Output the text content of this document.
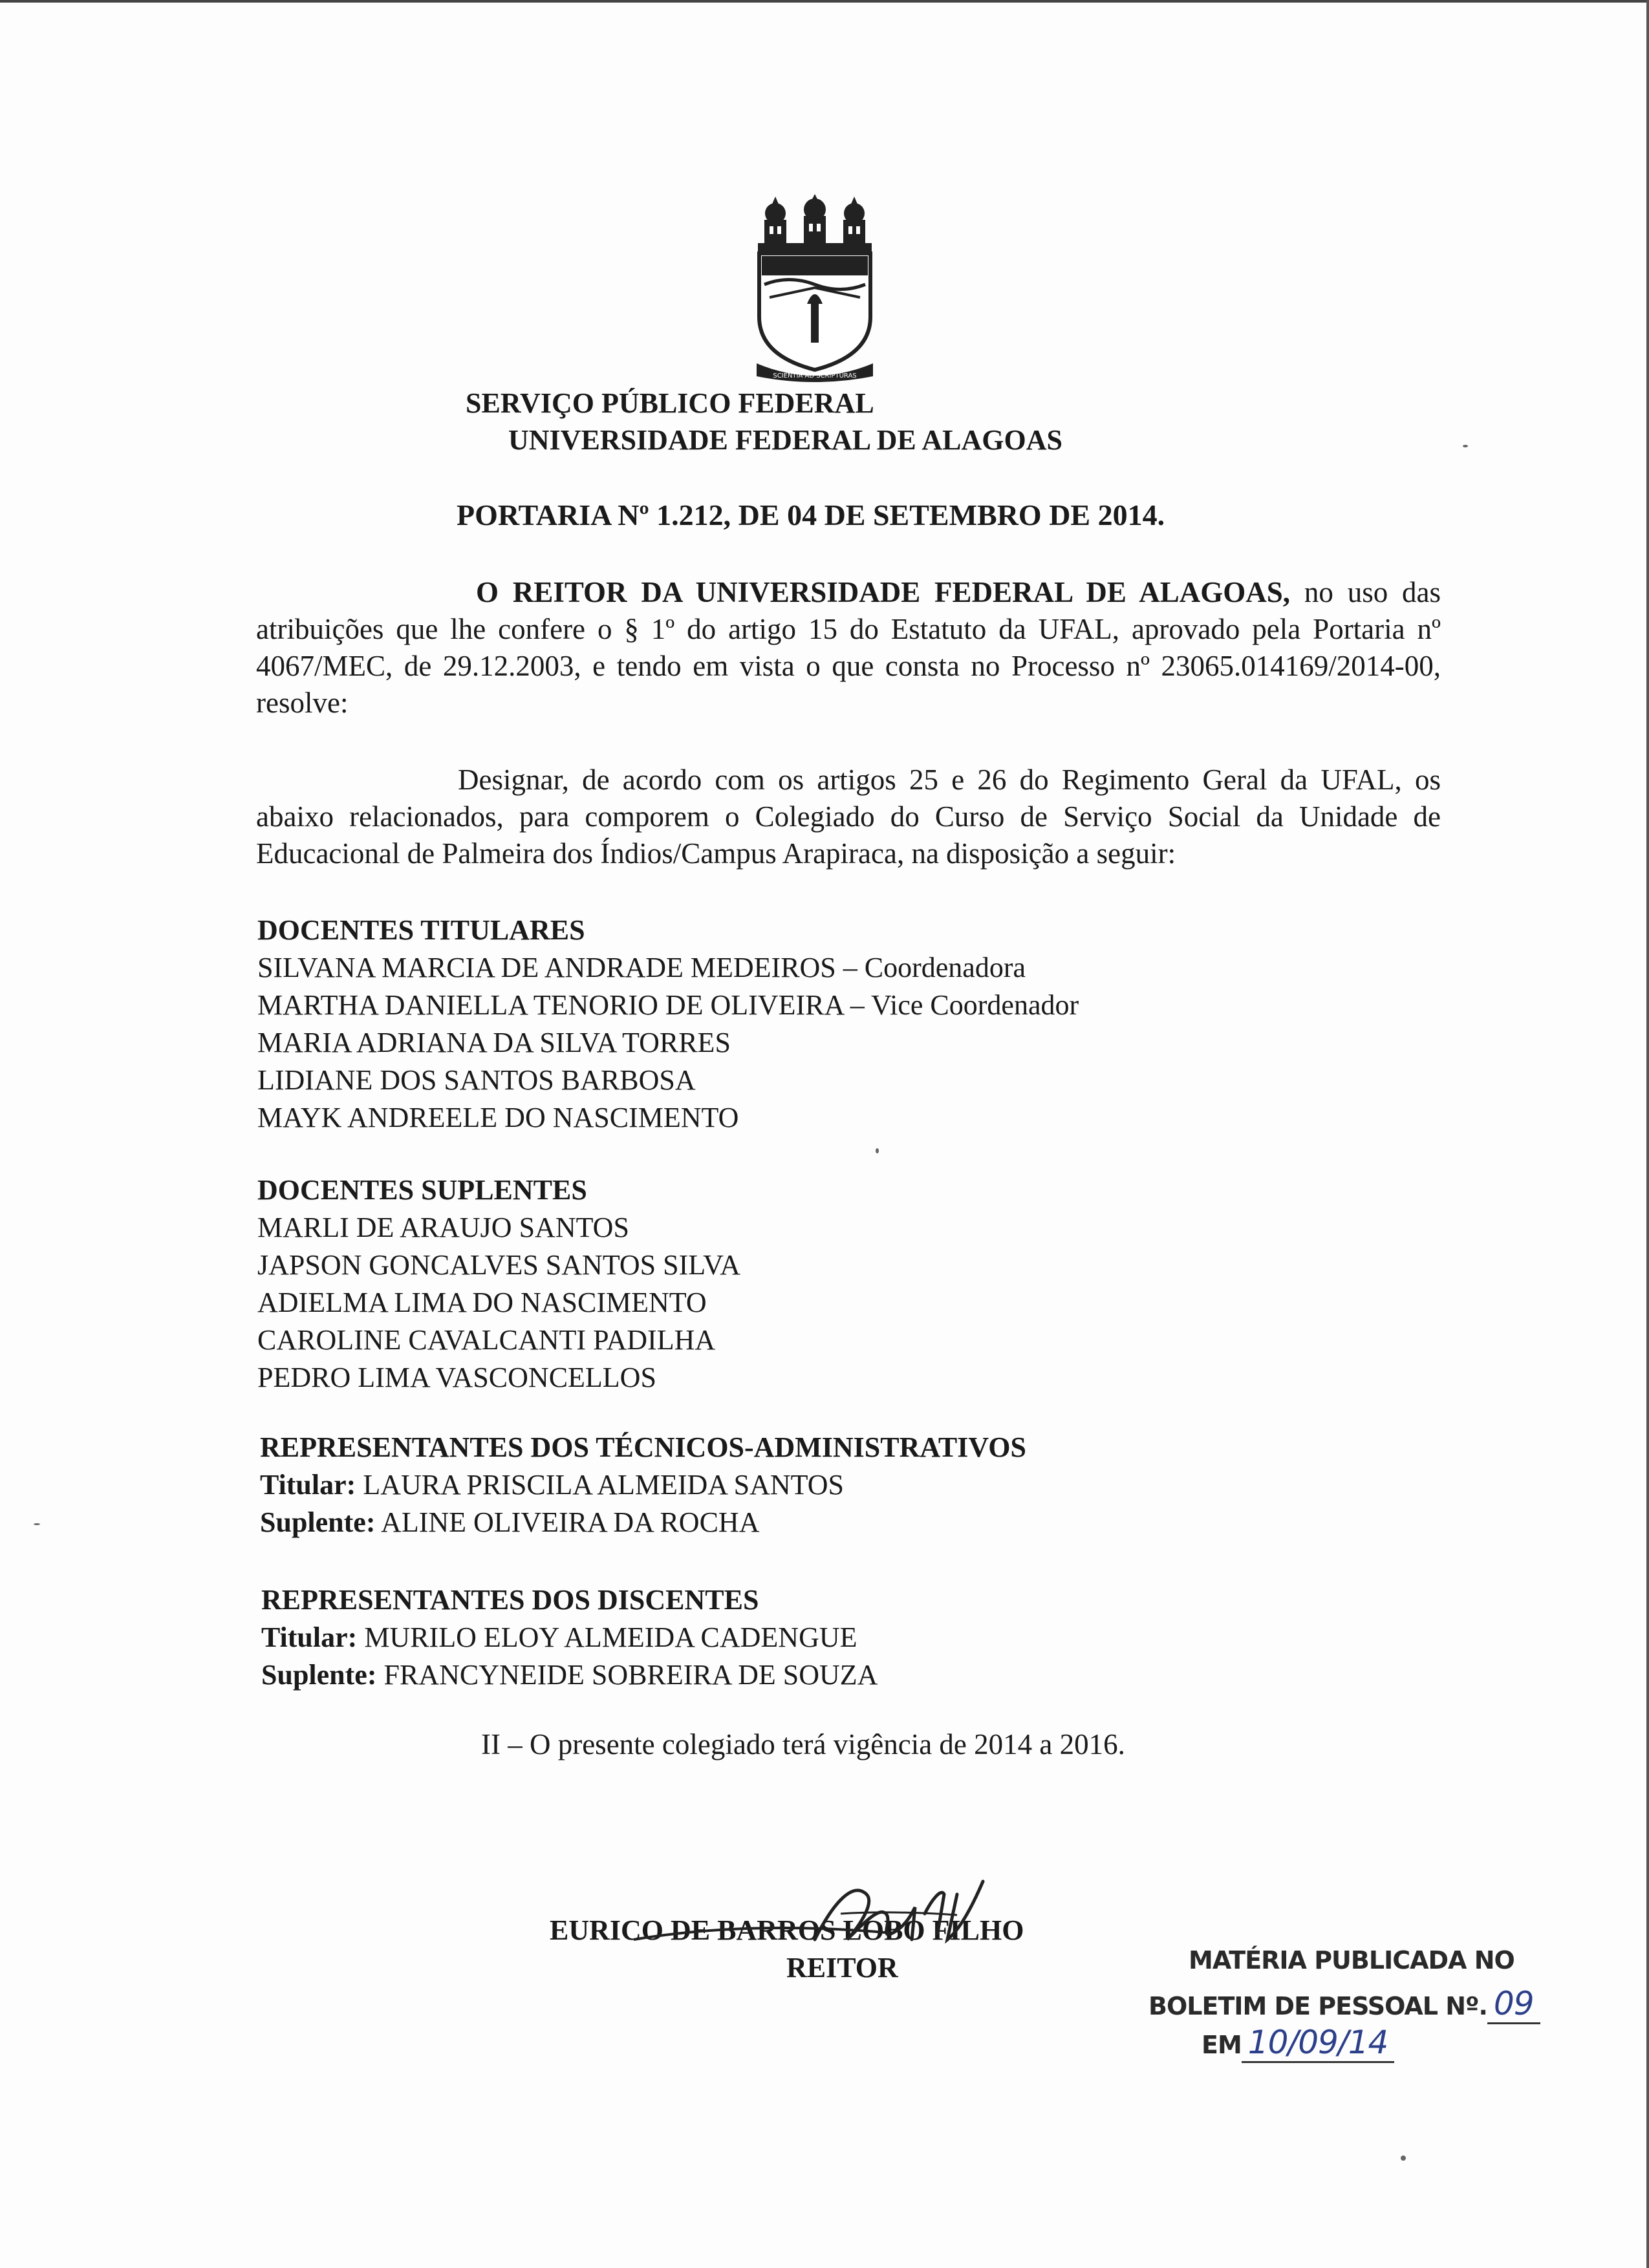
SCIENTIA AD SCRIPTURAS
SERVIÇO PÚBLICO FEDERAL
UNIVERSIDADE FEDERAL DE ALAGOAS
PORTARIA Nº 1.212, DE 04 DE SETEMBRO DE 2014.
O REITOR DA UNIVERSIDADE FEDERAL DE ALAGOAS, no uso das atribuições que lhe confere o § 1º do artigo 15 do Estatuto da UFAL, aprovado pela Portaria nº 4067/MEC, de 29.12.2003, e tendo em vista o que consta no Processo nº 23065.014169/2014-00, resolve:
Designar, de acordo com os artigos 25 e 26 do Regimento Geral da UFAL, os abaixo relacionados, para comporem o Colegiado do Curso de Serviço Social da Unidade de Educacional de Palmeira dos Índios/Campus Arapiraca, na disposição a seguir:
DOCENTES TITULARES
SILVANA MARCIA DE ANDRADE MEDEIROS – Coordenadora
MARTHA DANIELLA TENORIO DE OLIVEIRA – Vice Coordenador
MARIA ADRIANA DA SILVA TORRES
LIDIANE DOS SANTOS BARBOSA
MAYK ANDREELE DO NASCIMENTO
DOCENTES SUPLENTES
MARLI DE ARAUJO SANTOS
JAPSON GONCALVES SANTOS SILVA
ADIELMA LIMA DO NASCIMENTO
CAROLINE CAVALCANTI PADILHA
PEDRO LIMA VASCONCELLOS
REPRESENTANTES DOS TÉCNICOS-ADMINISTRATIVOS
Titular: LAURA PRISCILA ALMEIDA SANTOS
Suplente: ALINE OLIVEIRA DA ROCHA
REPRESENTANTES DOS DISCENTES
Titular: MURILO ELOY ALMEIDA CADENGUE
Suplente: FRANCYNEIDE SOBREIRA DE SOUZA
II – O presente colegiado terá vigência de 2014 a 2016.
EURICO DE BARROS LOBO FILHO
REITOR	MATÉRIA PUBLICADA NO
BOLETIM DE PESSOAL Nº. 09
EM 10/09/14
